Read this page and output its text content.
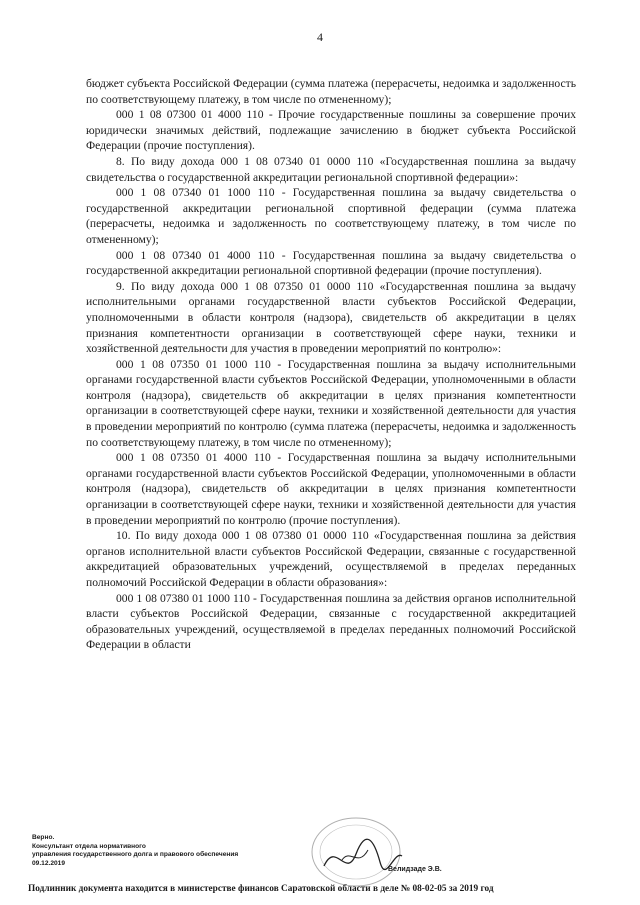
4

бюджет субъекта Российской Федерации (сумма платежа (перерасчеты, недоимка и задолженность по соответствующему платежу, в том числе по отмененному);

000 1 08 07300 01 4000 110 - Прочие государственные пошлины за совершение прочих юридически значимых действий, подлежащие зачислению в бюджет субъекта Российской Федерации (прочие поступления).

8. По виду дохода 000 1 08 07340 01 0000 110 «Государственная пошлина за выдачу свидетельства о государственной аккредитации региональной спортивной федерации»:

000 1 08 07340 01 1000 110 - Государственная пошлина за выдачу свидетельства о государственной аккредитации региональной спортивной федерации (сумма платежа (перерасчеты, недоимка и задолженность по соответствующему платежу, в том числе по отмененному);

000 1 08 07340 01 4000 110 - Государственная пошлина за выдачу свидетельства о государственной аккредитации региональной спортивной федерации (прочие поступления).

9. По виду дохода 000 1 08 07350 01 0000 110 «Государственная пошлина за выдачу исполнительными органами государственной власти субъектов Российской Федерации, уполномоченными в области контроля (надзора), свидетельств об аккредитации в целях признания компетентности организации в соответствующей сфере науки, техники и хозяйственной деятельности для участия в проведении мероприятий по контролю»:

000 1 08 07350 01 1000 110 - Государственная пошлина за выдачу исполнительными органами государственной власти субъектов Российской Федерации, уполномоченными в области контроля (надзора), свидетельств об аккредитации в целях признания компетентности организации в соответствующей сфере науки, техники и хозяйственной деятельности для участия в проведении мероприятий по контролю (сумма платежа (перерасчеты, недоимка и задолженность по соответствующему платежу, в том числе по отмененному);

000 1 08 07350 01 4000 110 - Государственная пошлина за выдачу исполнительными органами государственной власти субъектов Российской Федерации, уполномоченными в области контроля (надзора), свидетельств об аккредитации в целях признания компетентности организации в соответствующей сфере науки, техники и хозяйственной деятельности для участия в проведении мероприятий по контролю (прочие поступления).

10. По виду дохода 000 1 08 07380 01 0000 110 «Государственная пошлина за действия органов исполнительной власти субъектов Российской Федерации, связанные с государственной аккредитацией образовательных учреждений, осуществляемой в пределах переданных полномочий Российской Федерации в области образования»:

000 1 08 07380 01 1000 110 - Государственная пошлина за действия органов исполнительной власти субъектов Российской Федерации, связанные с государственной аккредитацией образовательных учреждений, осуществляемой в пределах переданных полномочий Российской Федерации в области

Верно.
Консультант отдела нормативного
управления государственного долга и правового обеспечения
09.12.2019
Велидзаде Э.В.
Подлинник документа находится в министерстве финансов Саратовской области в деле № 08-02-05 за 2019 год
